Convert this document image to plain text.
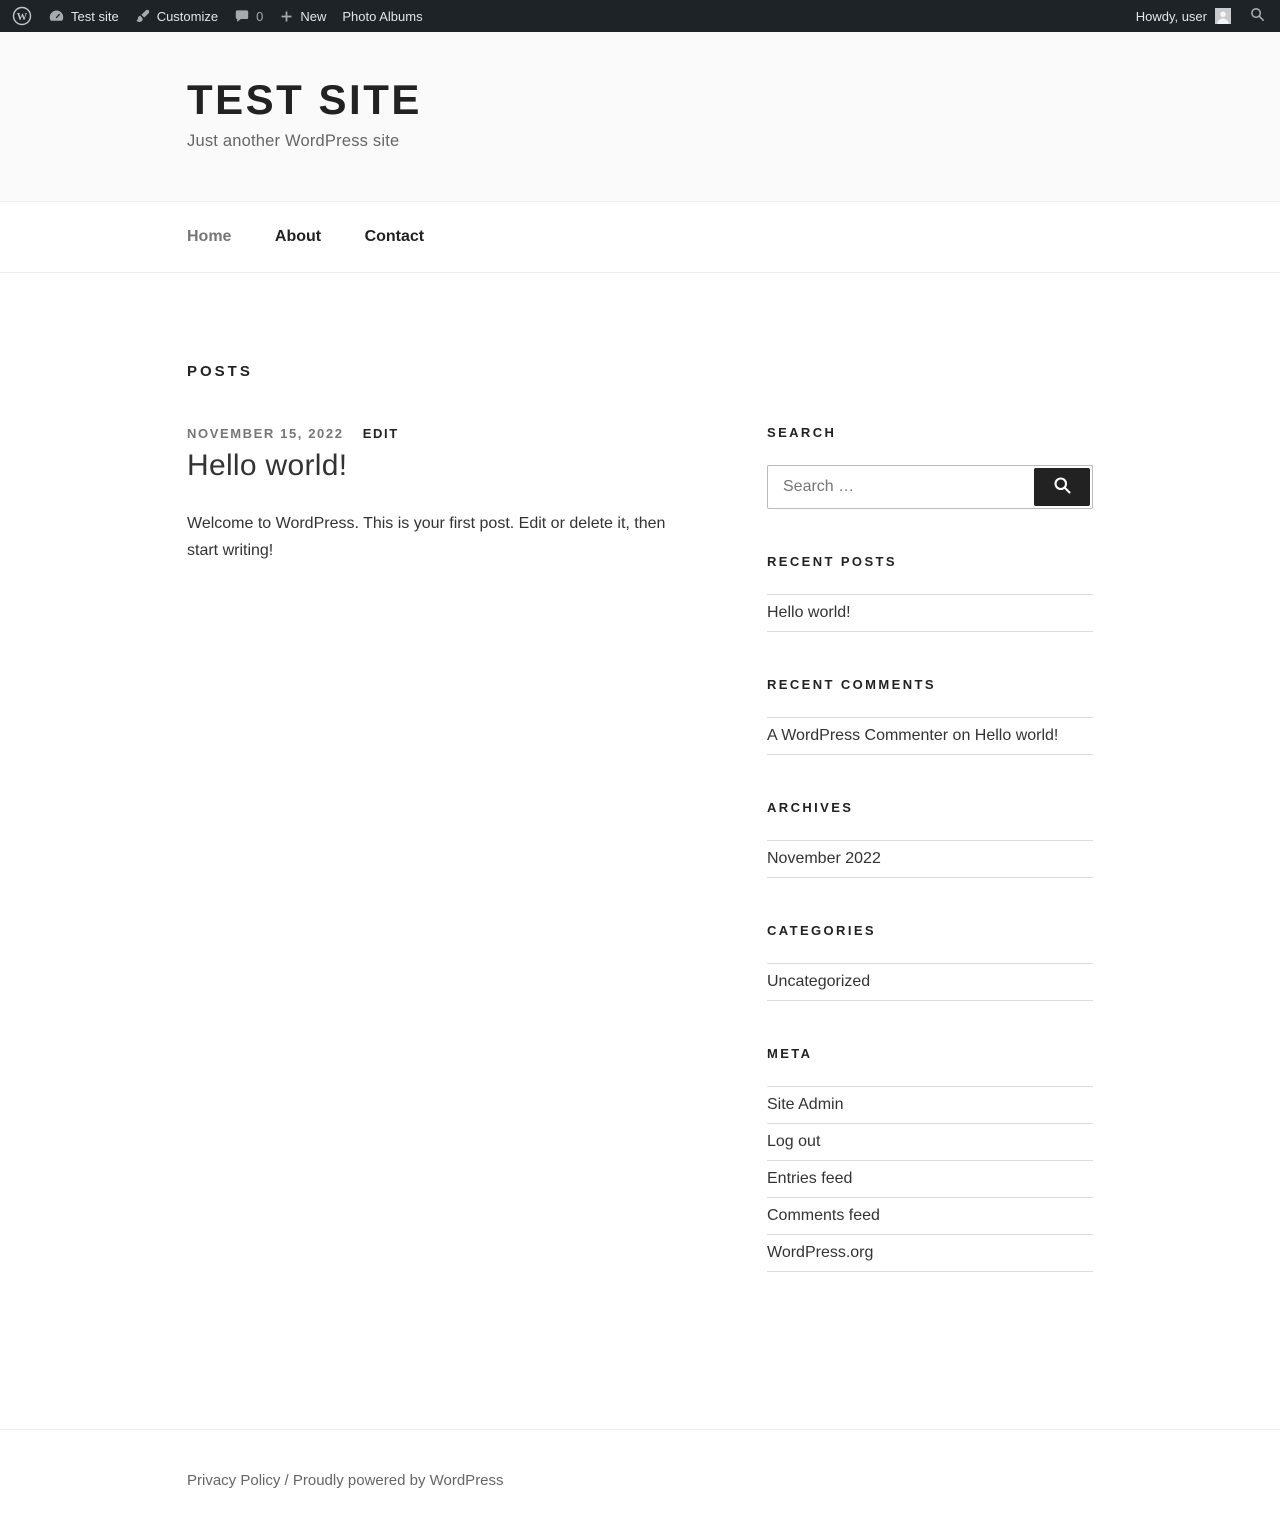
W	Test site	Customize	0	New Photo Albums	Howdy, user
TEST SITE

Just another WordPress site

Home	About	Contact
POSTS
NOVEMBER 15, 2022 EDIT
Hello world!

Welcome to WordPress. This is your first post. Edit or delete it, then start writing!

SEARCH
Search …
RECENT POSTS
Hello world!
RECENT COMMENTS
A WordPress Commenter on Hello world!
ARCHIVES
November 2022
CATEGORIES
Uncategorized
META
Site Admin
Log out
Entries feed
Comments feed
WordPress.org
Privacy Policy / Proudly powered by WordPress
